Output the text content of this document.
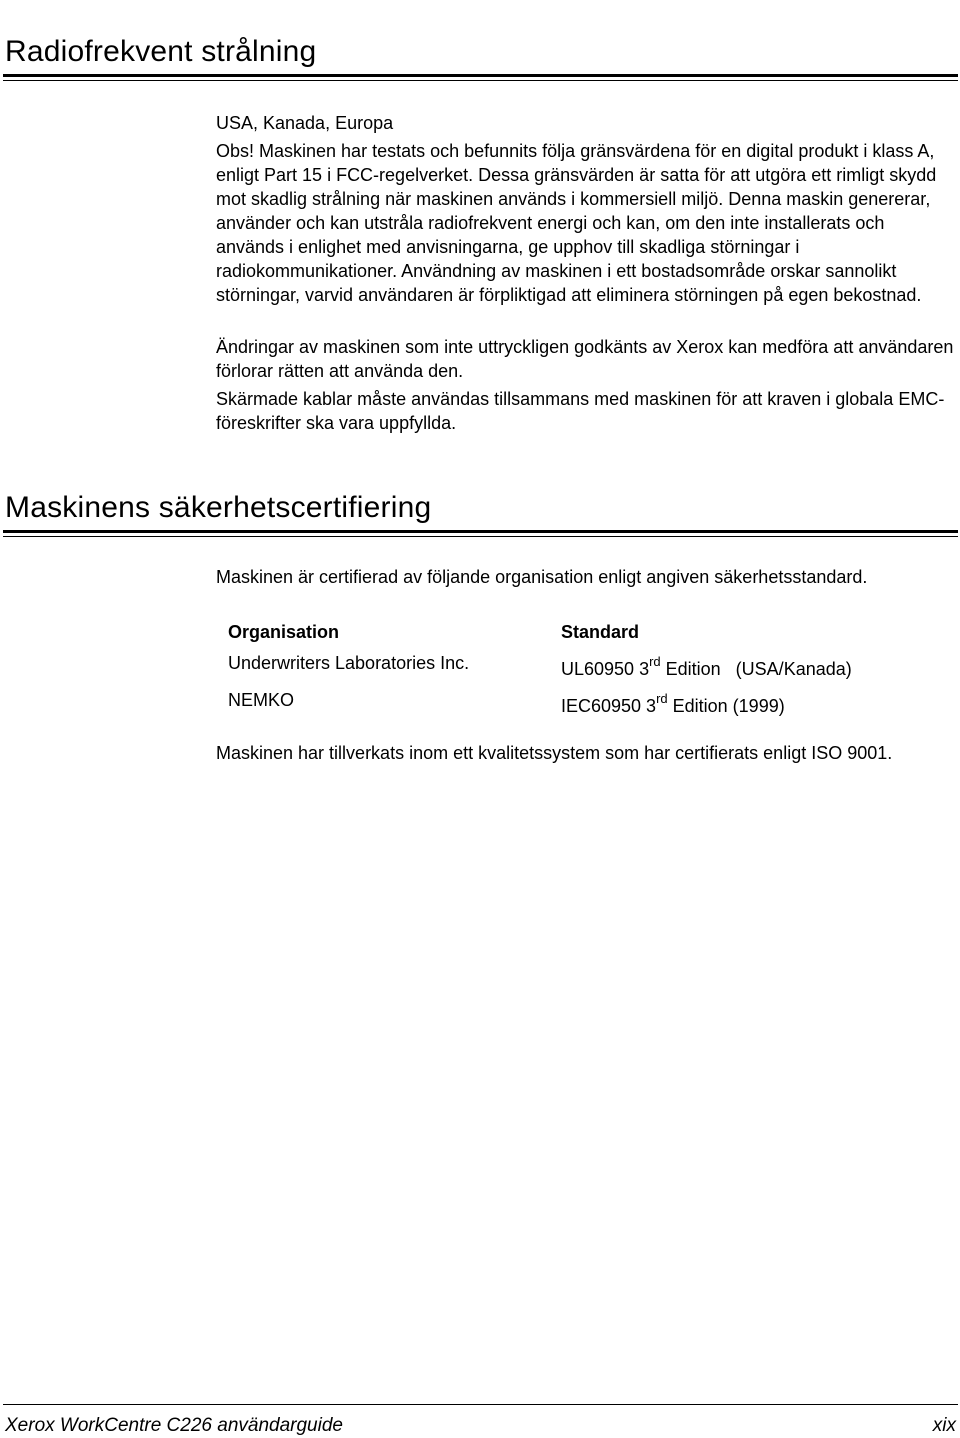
Radiofrekvent strålning

USA, Kanada, Europa

Obs! Maskinen har testats och befunnits följa gränsvärdena för en digital produkt i klass A, enligt Part 15 i FCC-regelverket. Dessa gränsvärden är satta för att utgöra ett rimligt skydd mot skadlig strålning när maskinen används i kommersiell miljö. Denna maskin genererar, använder och kan utstråla radiofrekvent energi och kan, om den inte installerats och används i enlighet med anvisningarna, ge upphov till skadliga störningar i radiokommunikationer. Användning av maskinen i ett bostadsområde orskar sannolikt störningar, varvid användaren är förpliktigad att eliminera störningen på egen bekostnad.

Ändringar av maskinen som inte uttryckligen godkänts av Xerox kan medföra att användaren förlorar rätten att använda den.

Skärmade kablar måste användas tillsammans med maskinen för att kraven i globala EMC-föreskrifter ska vara uppfyllda.

Maskinens säkerhetscertifiering

Maskinen är certifierad av följande organisation enligt angiven säkerhetsstandard.

Organisation	Standard

Underwriters Laboratories Inc.	UL60950 3rd Edition   (USA/Kanada)

NEMKO	IEC60950 3rd Edition (1999)

Maskinen har tillverkats inom ett kvalitetssystem som har certifierats enligt ISO 9001.

Xerox WorkCentre C226 användarguide	xix
